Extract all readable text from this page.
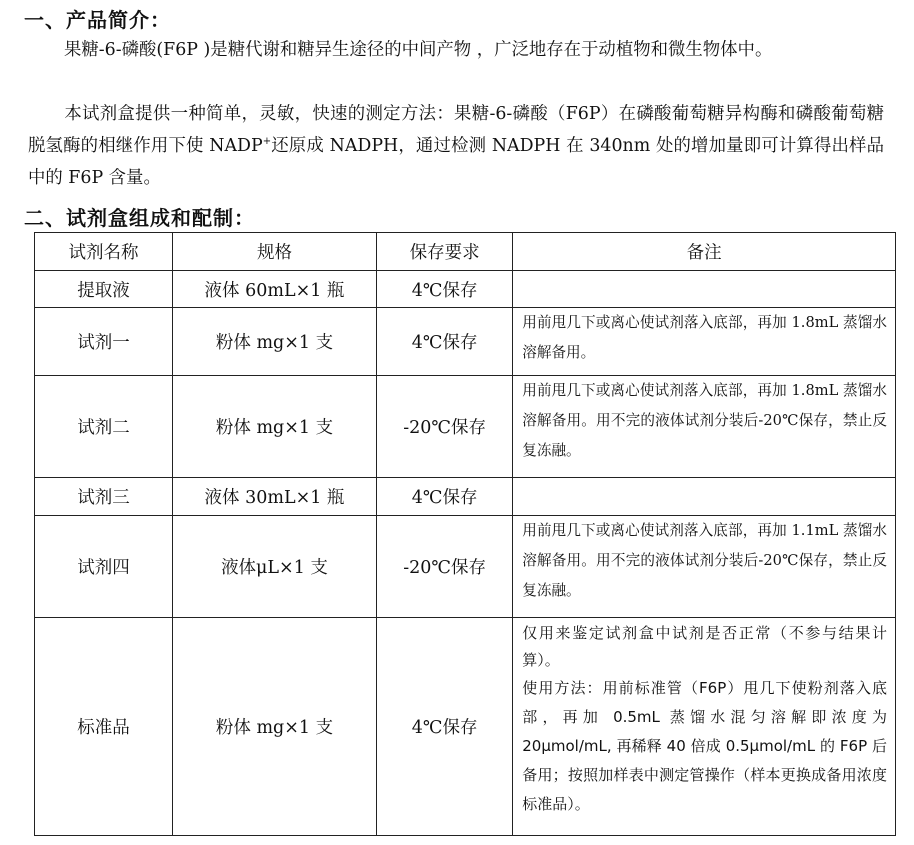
一、产品简介：
果糖-6-磷酸(F6P )是糖代谢和糖异生途径的中间产物 ，广泛地存在于动植物和微生物体中。
本试剂盒提供一种简单，灵敏，快速的测定方法：果糖-6-磷酸（F6P）在磷酸葡萄糖异构酶和磷酸葡萄糖脱氢酶的相继作用下使 NADP+还原成 NADPH，通过检测 NADPH 在 340nm 处的增加量即可计算得出样品中的 F6P 含量。
二、试剂盒组成和配制：
试剂名称	规格	保存要求	备注
提取液	液体 60mL×1 瓶	4℃保存	
试剂一	粉体 mg×1 支	4℃保存	用前甩几下或离心使试剂落入底部，再加 1.8mL 蒸馏水溶解备用。
试剂二	粉体 mg×1 支	-20℃保存	用前甩几下或离心使试剂落入底部，再加 1.8mL 蒸馏水溶解备用。用不完的液体试剂分装后-20℃保存，禁止反复冻融。
试剂三	液体 30mL×1 瓶	4℃保存	
试剂四	液体μL×1 支	-20℃保存	用前甩几下或离心使试剂落入底部，再加 1.1mL 蒸馏水溶解备用。用不完的液体试剂分装后-20℃保存，禁止反复冻融。
标准品	粉体 mg×1 支	4℃保存	仅用来鉴定试剂盒中试剂是否正常（不参与结果计算）。
使用方法：用前标准管（F6P）甩几下使粉剂落入底部，再加 0.5mL 蒸馏水混匀溶解即浓度为 20μmol/mL, 再稀释 40 倍成 0.5μmol/mL 的 F6P 后备用；按照加样表中测定管操作（样本更换成备用浓度标准品）。
